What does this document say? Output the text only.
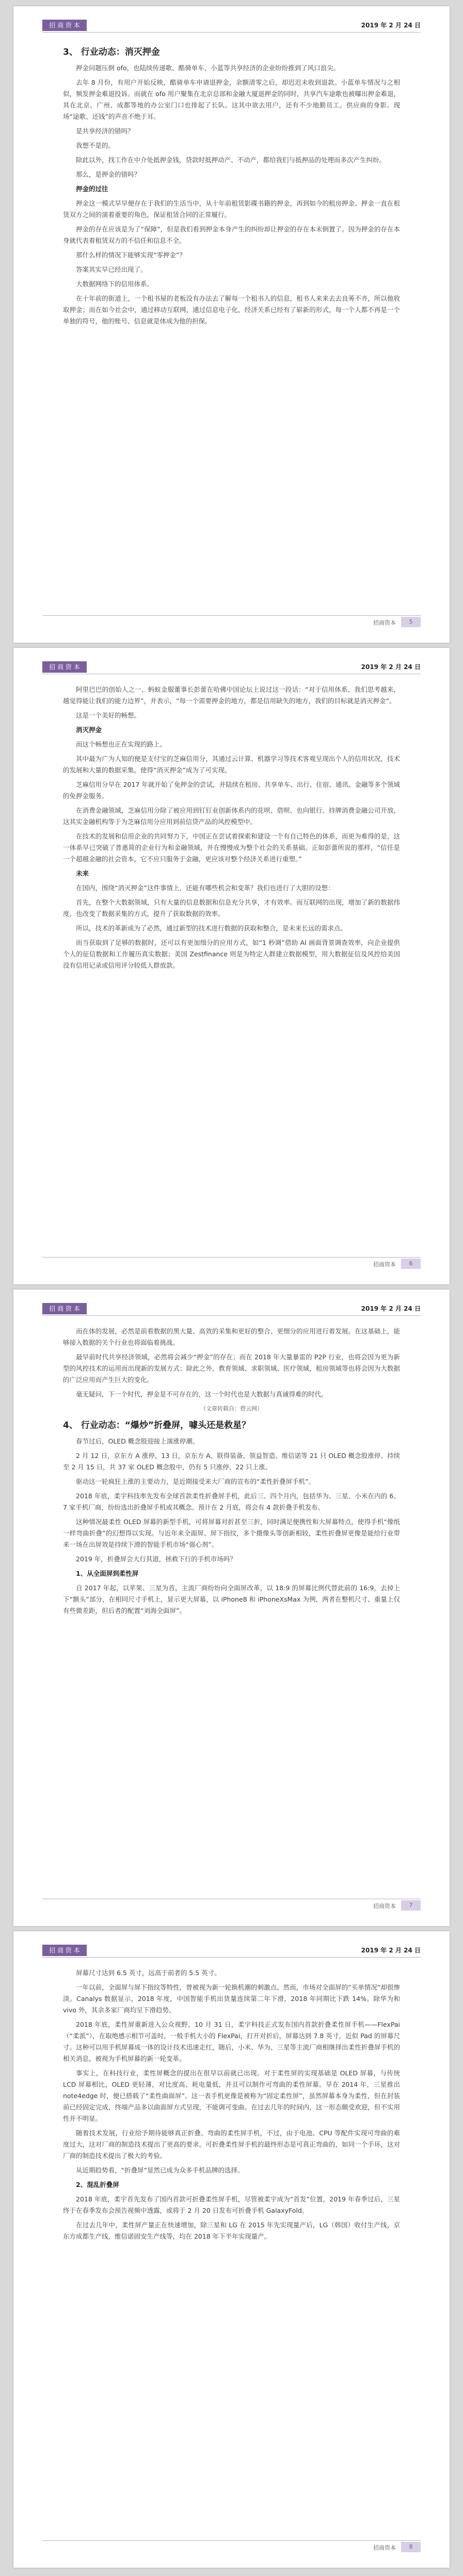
招 商 资 本	2019 年 2 月 24 日
3、 行业动态：消灭押金

押金问题压倒 ofo，也陆续传递歌、酷骑单车、小蓝等共享经济的企业纷纷推到了风口浪尖。

去年 8 月份，有用户开始反映，酷骑单车申请退押金，余额清零之后，却迟迟未收到退款。小蓝单车情况与之相似，频发押金难退投诉。而就在 ofo 用户聚集在北京总部和金融大厦退押金的同时，共享汽车途歌也被曝出押金难退，其在北京、广州、成都等地的办公室门口也排起了长队。这其中欲去用户，还有不少地勤员工。供应商的身影。现场“途歌、还钱”的声音不绝于耳。

是共享经济的错吗？

我想不是的。

除此以外，找工作在中介处抵押金钱，贷款时抵押动产、不动产，都给我们与抵押品的处理而多次产生纠纷。

那么，是押金的错吗？

押金的过往

押金这一模式早早便存在于我们的生活当中，从十年前租赁影碟书籍的押金，再到如今的租房押金、押金一直在租赁双方之间的演着重要的角色，保证租赁合同的正常履行。

押金的存在应该是为了“保障”，但是我们看到押金本身产生的纠纷却让押金的存在本末倒置了。因为押金的存在本身就代表着租赁双方的不信任和信息不全。

那什么样的情况下能够实现“零押金”？

答案其实早已经出现了。

大数据网络下的信用体系。

在十年前的街道上，一个租书屋的老板没有办法去了解每一个租书人的信息，租书人来来去去良莠不齐，所以他收取押金；而在如今社会中，通过移动互联网，通过信息电子化，经济关系已经有了崭新的形式，每一个人都不再是一个单独的符号，他的账号、信息就是体成为他的担保。

招商资本	5
招 商 资 本	2019 年 2 月 24 日

阿里巴巴的创始人之一、蚂蚁金服董事长彭蕾在哈佛中国论坛上说过这一段话：“对于信用体系，我们思考越来，越觉得能让我们的能力边界”，并表示，“每一个需要押金的地方，都是信用缺失的地方，我们的目标就是消灭押金”。

这是一个美好的畅想。

消灭押金

而这个畅想也正在实现的路上。

其中最为广为人知的便是支付宝的芝麻信用分，其通过云计算、机器学习等技术客观呈现出个人的信用状况，技术的发展和大量的数据采集，使得“消灭押金”成为了可实现。

芝麻信用分早在 2017 年就开始了免押金的尝试，并陆续在租房、共享单车、出行、住宿、通讯、金融等多个领域的免押金服务。

在消费金融领域，芝麻信用分除了被应用到钉钉业创新体系内的花呗、借呗、也向银行、持牌消费金融公司开放，这其实金融机构等于为芝麻信用分应用到前信贷产品的风控模型中。

在技术的发展和信用企业的共同努力下，中国正在尝试着探索和建设一个有自己特色的体系，而更为难得的是，这一体系早已突破了普惠简的企业行为和金融领域，并在慢慢成为整个社会的关系基础。正如彭蕾所说的那样，“信任是一个超越金融的社会资本，它不应只服务于金融，更应该对整个经济关系进行重塑。”

未来

在国内，围绕“消灭押金”这件事情上，还能有哪些机会和变革？我们也进行了大胆的设想：

首先，在整个大数据领域，只有大量的信息数据和信息充分共享，才有效率。而互联网的出现，增加了新的数据纬度，也改变了数据采集的方式，提升了获取数据的效率。

所以，技术的革新成为了必然，通过新型的技术进行数据的获取和整合，是未来长远的需求点。

而当获取到了足够的数据时，还可以有更加细分的应用方式，如“1 秒调”借助 AI 画面背景调查效率，向企业提供个人的征信数据和工作履历真实数据；美国 Zestfinance 则是为特定人群建立数据模型，用大数据征信及风控给美国没有信用记录或信用评分较低人群放款。

招商资本	6
招 商 资 本	2019 年 2 月 24 日

而在体的发展，必然是前看数据的黑大量、高效的采集和更好的整合、更细分的应用进行着发展。在这基础上，能够接入数据的关个行业也将面临着挑战。

最早前时代共享经济领域，必然将会减少“押金”的存在；而在 2018 年大量暴雷的 P2P 行业，也将会因为更为新型的风控技术的运用而出现新的发展方式；除此之外，教育领域、求职领域、医疗领域，租房领域等也将会因为大数据的广泛应用而产生巨大的变化。

毫无疑问，下一个时代，押金是不可存在的，这一个时代也是大数据与真诚得难的时代。

（文章转载自：碧云网）

4、 行业动态：“爆炒”折叠屏，噱头还是救星？

春节过后，OLED 概念股迎接上演涨停潮。

2 月 12 日，京东方 A 涨停，13 日，京东方 A、联得装备、领益智造、维信诺等 21 只 OLED 概念股涨停。持续至 2 月 15 日，共 37 家 OLED 概念股中，仍有 5 只涨停、22 只上涨。

驱动这一轮疯狂上涨的主要动力，是近期接受来大厂商的宣布的“柔性折叠屏手机”。

2018 年底，柔宇科技率先发布全球首款柔性折叠屏手机，此后三、四个月内，包括华为、三星、小米在内的 6、7 家手机厂商，纷纷选出折叠屏手机或其概念。预计在 2 月底，将会有 4 款折叠手机发布。

这种情况最柔性 OLED 屏幕的新型手机，可将屏幕对折甚至三折，同时满足便携性和大屏幕特点，使得手机“像纸一样弯曲折叠”的幻想得以实现。与近年来全面屏、屏下指纹，多个摄像头等创新相较，柔性折叠屏更像是能给行业带来一场在出屏效是持续下滑的智能手机市场“强心剂”。

2019 年，折叠屏会大行其道，拯救下行的手机市场吗？

1、从全面屏到柔性屏

自 2017 年起，以苹果、三星为首，主流厂商纷纷向全面屏改革，以 18:9 的屏幕比例代替此前的 16:9，去掉上下“额头”部分，在相同尺寸手机上，显示更大屏幕，以 iPhone8 和 iPhoneXsMax 为例，两者在整机尺寸、重量上仅有些微差距，但后者的配置“刘海全面屏”。

招商资本	7
招 商 资 本	2019 年 2 月 24 日

屏幕尺寸达到 6.5 英寸，远高于前者的 5.5 英寸。

一年以前，全面屏与屏下指纹等特性，曾被视为新一轮换机潮的刺激点。然而，市场对全面屏的“买单情况”却很惨淡。Canalys 数据显示，2018 年度，中国智能手机出货量连续第二年下滑，2018 年同期比下跌 14%。除华为和 vivo 外，其余多家厂商均呈下滑趋势。

2018 年底，柔性屏重新进入公众视野。10 月 31 日，柔宇科技正式发布国内首款折叠柔性屏手机——FlexPai（“柔派”），在取绝感示相节可盖时，一般手机大小的 FlexPai，打开对折后，屏幕达到 7.8 英寸，近似 Pad 的屏幕尺寸。这种可以用手机屏幕成一体的设计技术迅速走红，随后，小米、华为、三星等主流厂商相继择出柔性折叠屏手机的相关消息，被视为手机屏幕的新一轮变革。

事实上，在科技行业，柔性屏概念的提出在很早以前就已出现。对于柔性屏的实现基础是 OLED 屏幕，与传统 LCD 屏幕相比，OLED 更轻薄，对比度高、耗电量低，并且可以制作可弯曲的柔性屏幕。早在 2014 年，三星推出 note4edge 时，便已搭载了“柔性曲面屏”。这一表手机更像是被称为“固定柔性屏”，虽然屏幕本身为柔性，但在封装前已经固定完成，终端产品多以曲面屏方式呈现，不能调可变曲。在过去几年的时间内，这一形态颇受欢迎，但不实用性并不明显。

随着技术发展，行业给予期待能够真正折叠、弯曲的柔性屏手机，不过，由于电池、CPU 等配件实现可弯曲的难度过大，这对厂商的制造技术提出了更高的要求。可折叠柔性屏手机的最终形态是可真正弯曲的，如同一个手环，这对厂商的制造技术提出了极大的考验。

从近期趋势看，“折叠屏”显然已成为众多手机品牌的选择。

2、混乱折叠屏

2018 年底，柔宇首先发布了国内首款可折叠柔性屏手机，尽管被柔宇成为“首发”位置，2019 年春季过后，三星终于在春季发布会预告视频中透露，或将于 2 月 20 日发布可折叠手机 GalaxyFold。

在过去几年中，柔性屏产量正在快速增加，除三星和 LG 在 2015 年先实现量产后，LG（韩国）收付生产线，京东方成都生产线，维信诺固安生产线等，均在 2018 年下半年实现量产。

招商资本	8
